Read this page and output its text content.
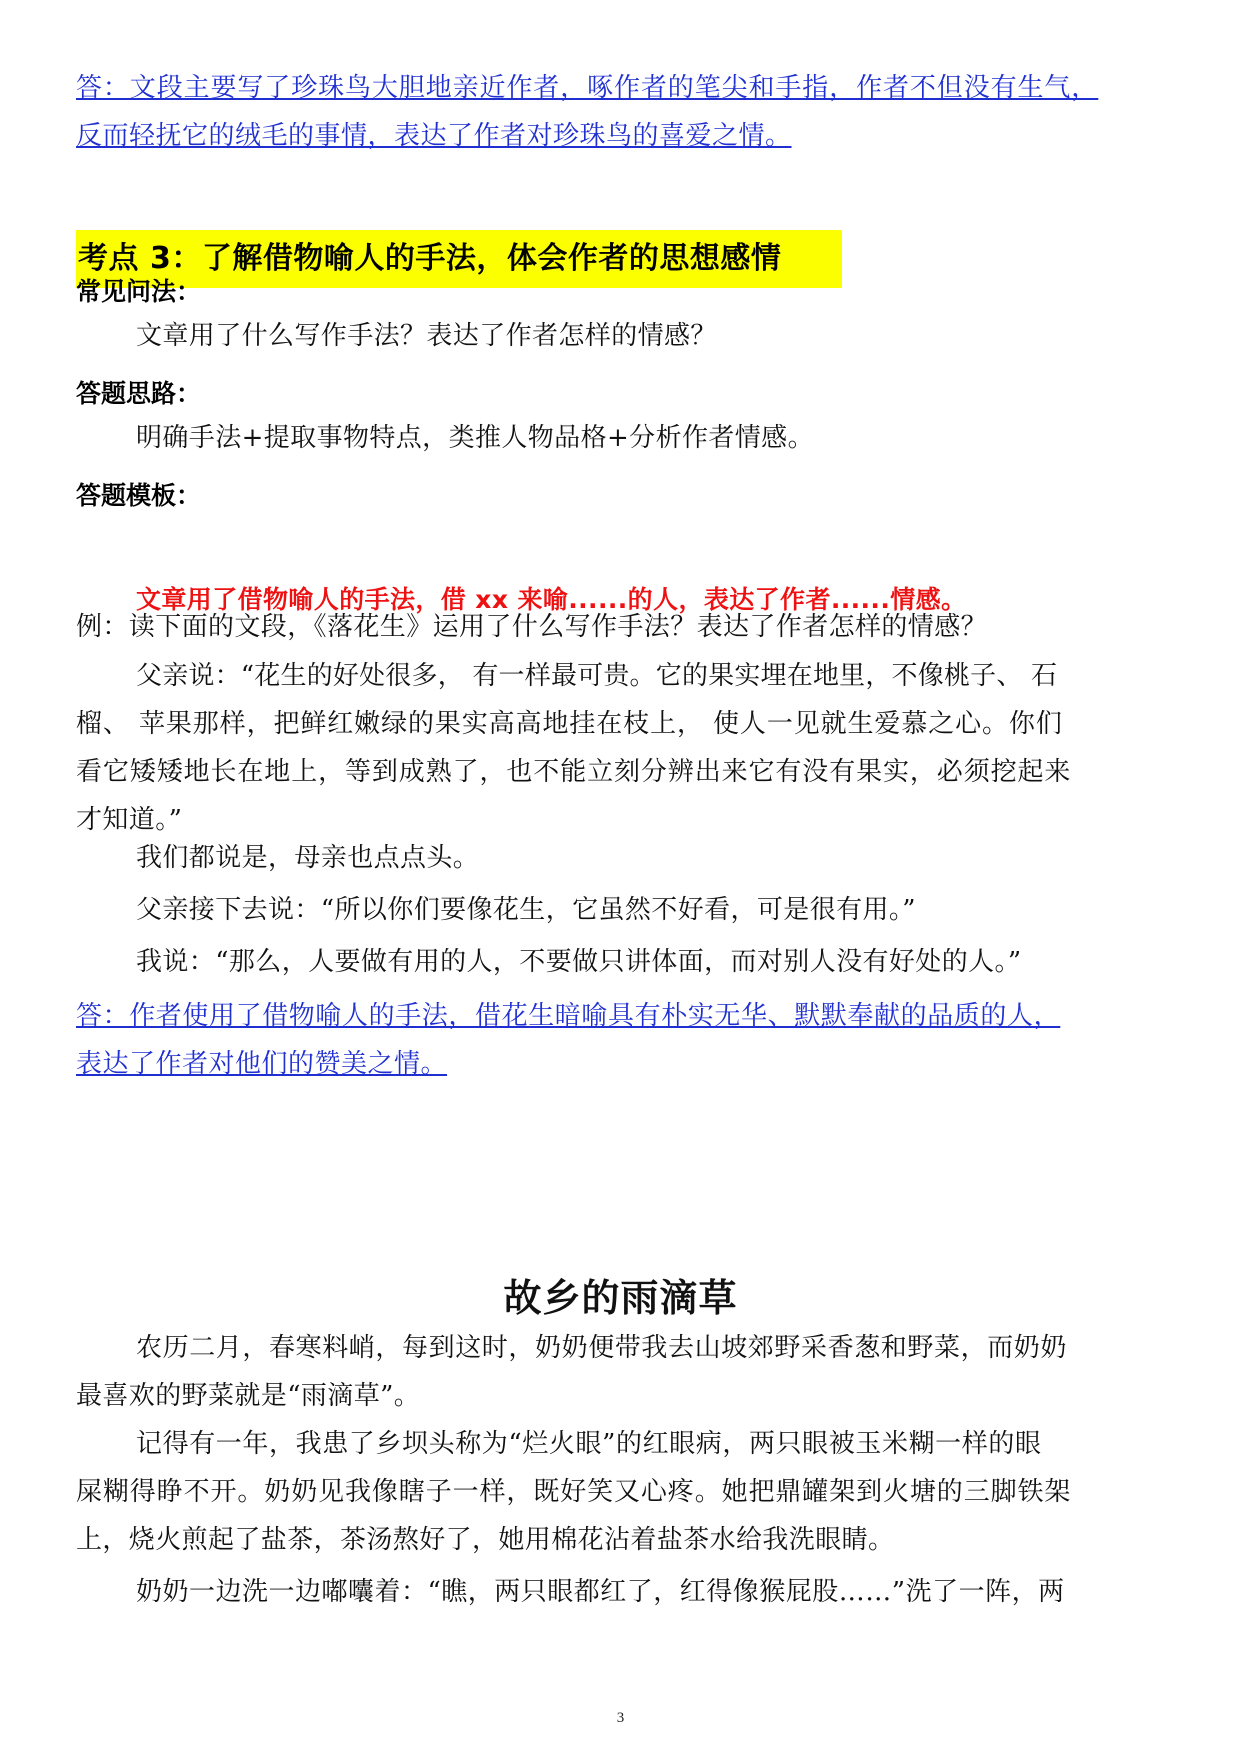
答：文段主要写了珍珠鸟大胆地亲近作者，啄作者的笔尖和手指，作者不但没有生气，

反而轻抚它的绒毛的事情，表达了作者对珍珠鸟的喜爱之情。

考点 3：了解借物喻人的手法，体会作者的思想感情
常见问法：
文章用了什么写作手法？表达了作者怎样的情感？
答题思路：
明确手法+提取事物特点，类推人物品格+分析作者情感。
答题模板：
文章用了借物喻人的手法，借 xx 来喻......的人，表达了作者......情感。
例：读下面的文段，《落花生》运用了什么写作手法？表达了作者怎样的情感？

父亲说：“花生的好处很多， 有一样最可贵。它的果实埋在地里，不像桃子、 石

榴、 苹果那样，把鲜红嫩绿的果实高高地挂在枝上， 使人一见就生爱慕之心。你们

看它矮矮地长在地上，等到成熟了，也不能立刻分辨出来它有没有果实，必须挖起来

才知道。”

我们都说是，母亲也点点头。
父亲接下去说：“所以你们要像花生，它虽然不好看，可是很有用。”
我说：“那么，人要做有用的人，不要做只讲体面，而对别人没有好处的人。”

答：作者使用了借物喻人的手法，借花生暗喻具有朴实无华、默默奉献的品质的人，

表达了作者对他们的赞美之情。

故乡的雨滴草

农历二月，春寒料峭，每到这时，奶奶便带我去山坡郊野采香葱和野菜，而奶奶

最喜欢的野菜就是“雨滴草”。

记得有一年，我患了乡坝头称为“烂火眼”的红眼病，两只眼被玉米糊一样的眼

屎糊得睁不开。奶奶见我像瞎子一样，既好笑又心疼。她把鼎罐架到火塘的三脚铁架

上，烧火煎起了盐茶，茶汤熬好了，她用棉花沾着盐茶水给我洗眼睛。

奶奶一边洗一边嘟囔着：“瞧，两只眼都红了，红得像猴屁股……”洗了一阵，两

3
